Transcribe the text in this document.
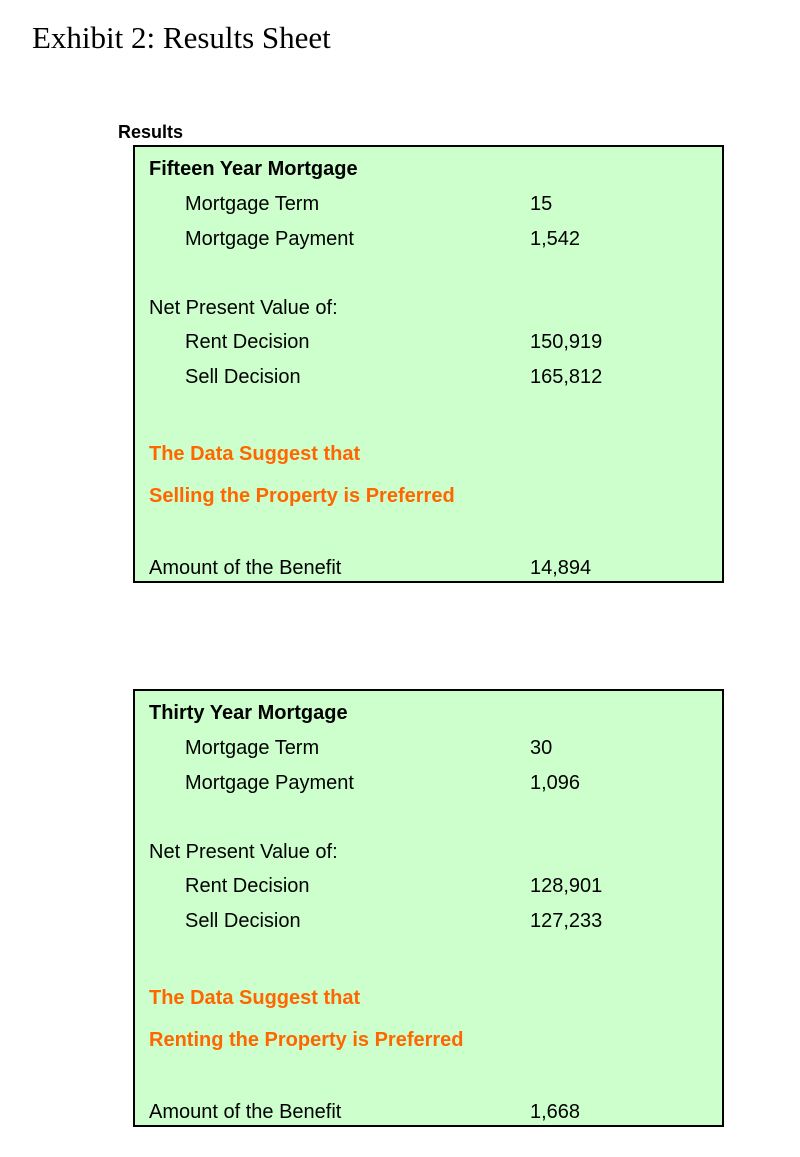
Exhibit 2: Results Sheet
Results
Fifteen Year Mortgage
Mortgage Term	15
Mortgage Payment	1,542
Net Present Value of:
Rent Decision	150,919
Sell Decision	165,812
The Data Suggest that
Selling the Property is Preferred
Amount of the Benefit	14,894
Thirty Year Mortgage
Mortgage Term	30
Mortgage Payment	1,096
Net Present Value of:
Rent Decision	128,901
Sell Decision	127,233
The Data Suggest that
Renting the Property is Preferred
Amount of the Benefit	1,668
